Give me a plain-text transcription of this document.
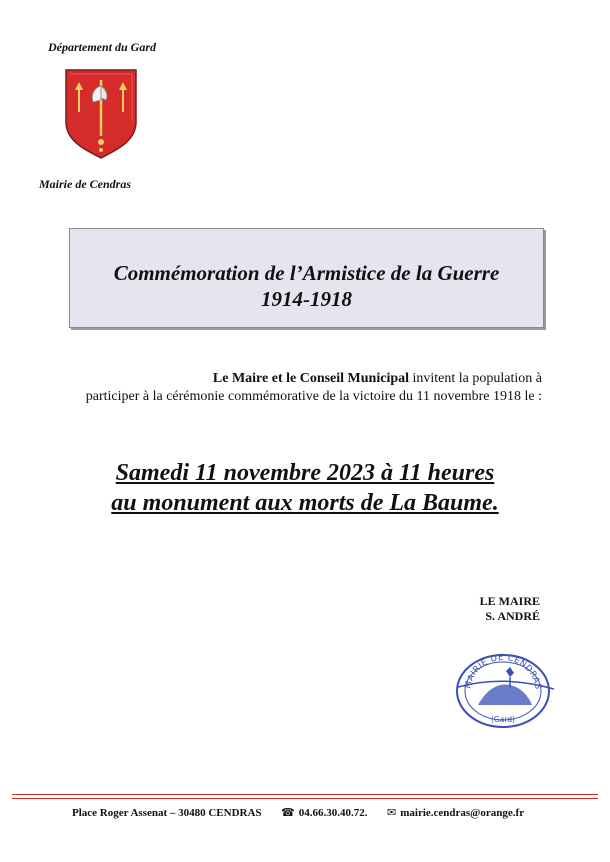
Département du Gard
Mairie de Cendras
Commémoration de l’Armistice de la Guerre
1914-1918
Le Maire et le Conseil Municipal invitent la population à
participer à la cérémonie commémorative de la victoire du 11 novembre 1918 le :
Samedi 11 novembre 2023 à 11 heures
au monument aux morts de La Baume.
LE MAIRE
S. ANDRÉ
MAIRIE DE CENDRAS
(Gard)
Place Roger Assenat – 30480 CENDRAS ☎ 04.66.30.40.72. ✉ mairie.cendras@orange.fr
